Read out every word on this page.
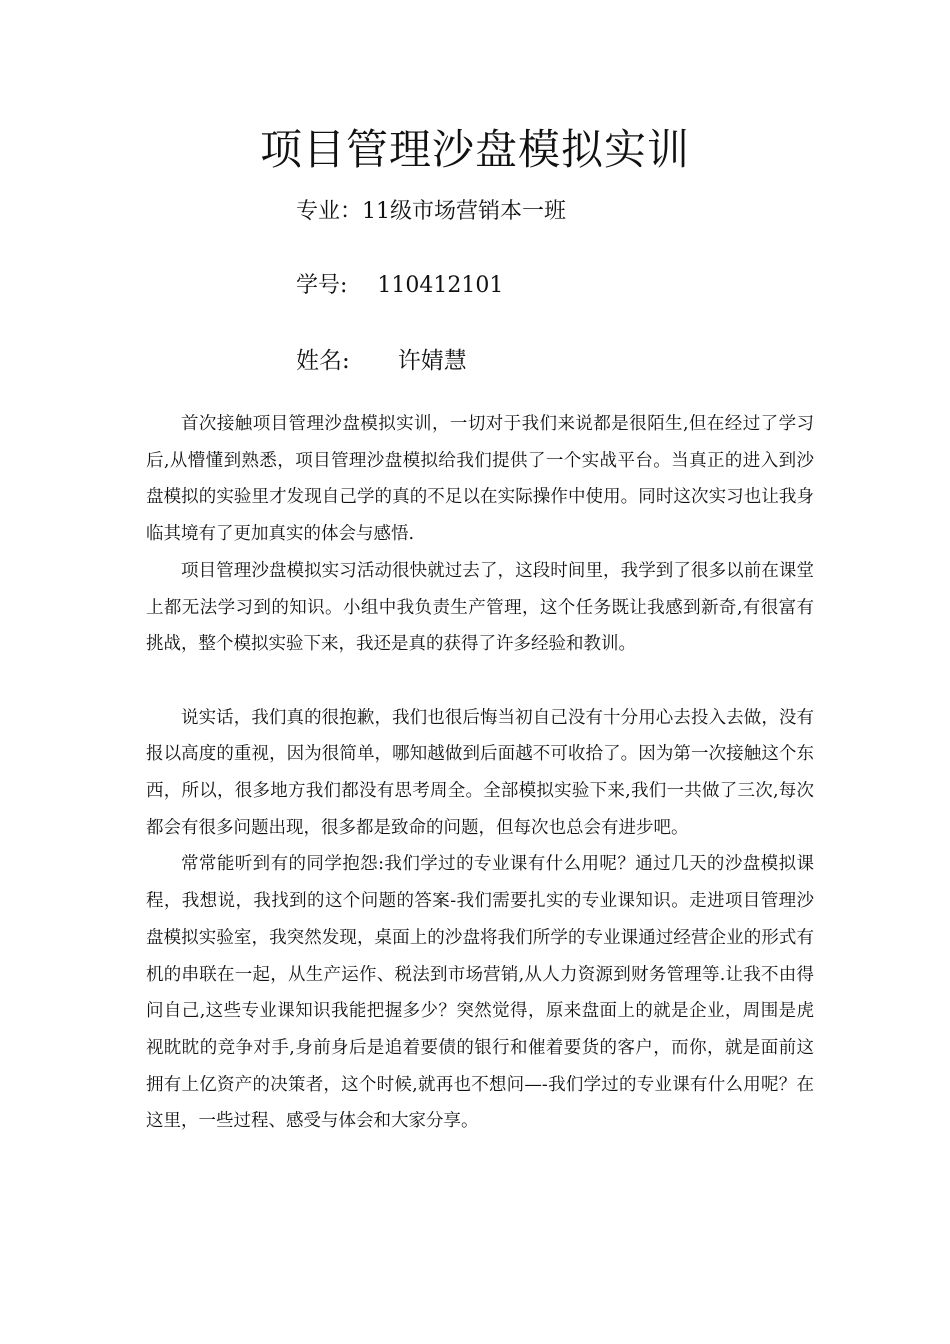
项目管理沙盘模拟实训
专业：11级市场营销本一班
学号: 110412101
姓名: 许婧慧

首次接触项目管理沙盘模拟实训，一切对于我们来说都是很陌生,但在经过了学习后,从懵懂到熟悉，项目管理沙盘模拟给我们提供了一个实战平台。当真正的进入到沙盘模拟的实验里才发现自己学的真的不足以在实际操作中使用。同时这次实习也让我身临其境有了更加真实的体会与感悟.

项目管理沙盘模拟实习活动很快就过去了，这段时间里，我学到了很多以前在课堂上都无法学习到的知识。小组中我负责生产管理，这个任务既让我感到新奇,有很富有挑战，整个模拟实验下来，我还是真的获得了许多经验和教训。

说实话，我们真的很抱歉，我们也很后悔当初自己没有十分用心去投入去做，没有报以高度的重视，因为很简单，哪知越做到后面越不可收拾了。因为第一次接触这个东西，所以，很多地方我们都没有思考周全。全部模拟实验下来,我们一共做了三次,每次都会有很多问题出现，很多都是致命的问题，但每次也总会有进步吧。

常常能听到有的同学抱怨:我们学过的专业课有什么用呢？通过几天的沙盘模拟课程，我想说，我找到的这个问题的答案-我们需要扎实的专业课知识。走进项目管理沙盘模拟实验室，我突然发现，桌面上的沙盘将我们所学的专业课通过经营企业的形式有机的串联在一起，从生产运作、税法到市场营销,从人力资源到财务管理等.让我不由得问自己,这些专业课知识我能把握多少？突然觉得，原来盘面上的就是企业，周围是虎视眈眈的竞争对手,身前身后是追着要债的银行和催着要货的客户，而你，就是面前这拥有上亿资产的决策者，这个时候,就再也不想问—-我们学过的专业课有什么用呢？在这里，一些过程、感受与体会和大家分享。
